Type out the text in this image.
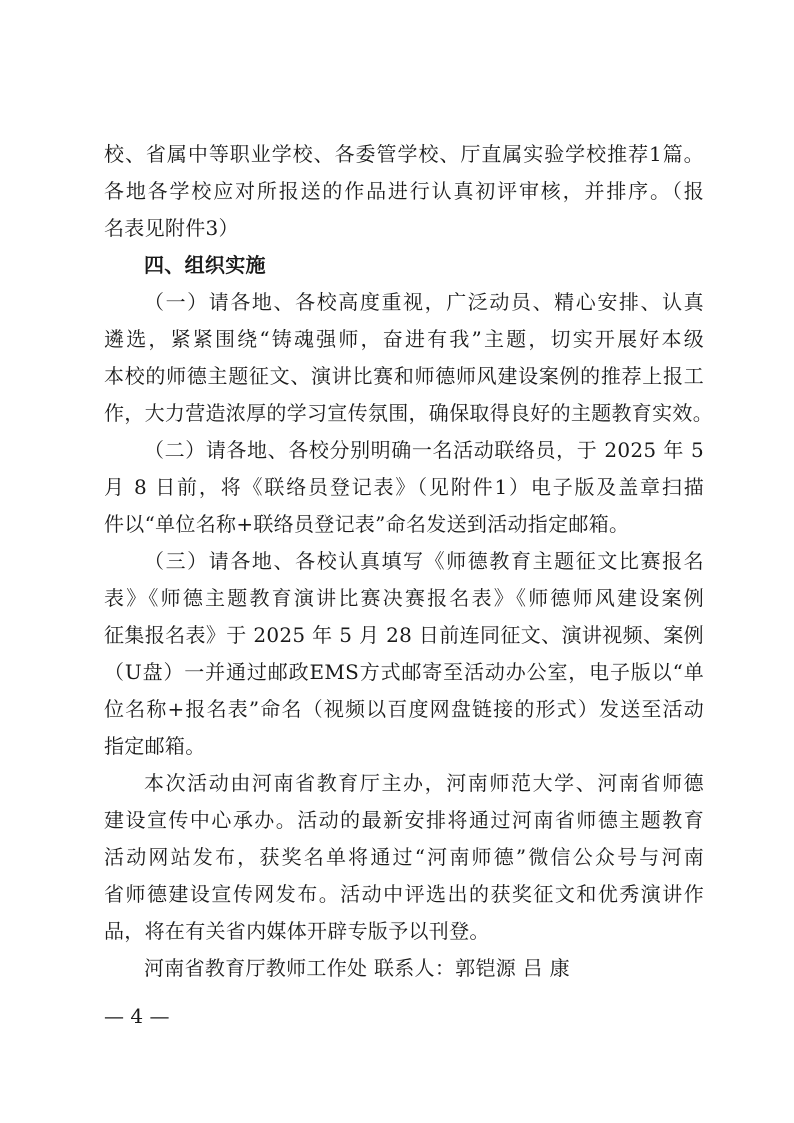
校、省属中等职业学校、各委管学校、厅直属实验学校推荐1篇。
各地各学校应对所报送的作品进行认真初评审核，并排序。（报
名表见附件3）
四、组织实施
（一）请各地、各校高度重视，广泛动员、精心安排、认真
遴选，紧紧围绕“铸魂强师，奋进有我”主题，切实开展好本级
本校的师德主题征文、演讲比赛和师德师风建设案例的推荐上报工
作，大力营造浓厚的学习宣传氛围，确保取得良好的主题教育实效。
（二）请各地、各校分别明确一名活动联络员，于 2025 年 5
月 8 日前，将《联络员登记表》（见附件1）电子版及盖章扫描
件以“单位名称+联络员登记表”命名发送到活动指定邮箱。
（三）请各地、各校认真填写《师德教育主题征文比赛报名
表》《师德主题教育演讲比赛决赛报名表》《师德师风建设案例
征集报名表》于 2025 年 5 月 28 日前连同征文、演讲视频、案例
（U盘）一并通过邮政EMS方式邮寄至活动办公室，电子版以“单
位名称+报名表”命名（视频以百度网盘链接的形式）发送至活动
指定邮箱。
本次活动由河南省教育厅主办，河南师范大学、河南省师德
建设宣传中心承办。活动的最新安排将通过河南省师德主题教育
活动网站发布，获奖名单将通过“河南师德”微信公众号与河南
省师德建设宣传网发布。活动中评选出的获奖征文和优秀演讲作
品，将在有关省内媒体开辟专版予以刊登。
河南省教育厅教师工作处 联系人：郭铠源 吕 康
— 4 —
